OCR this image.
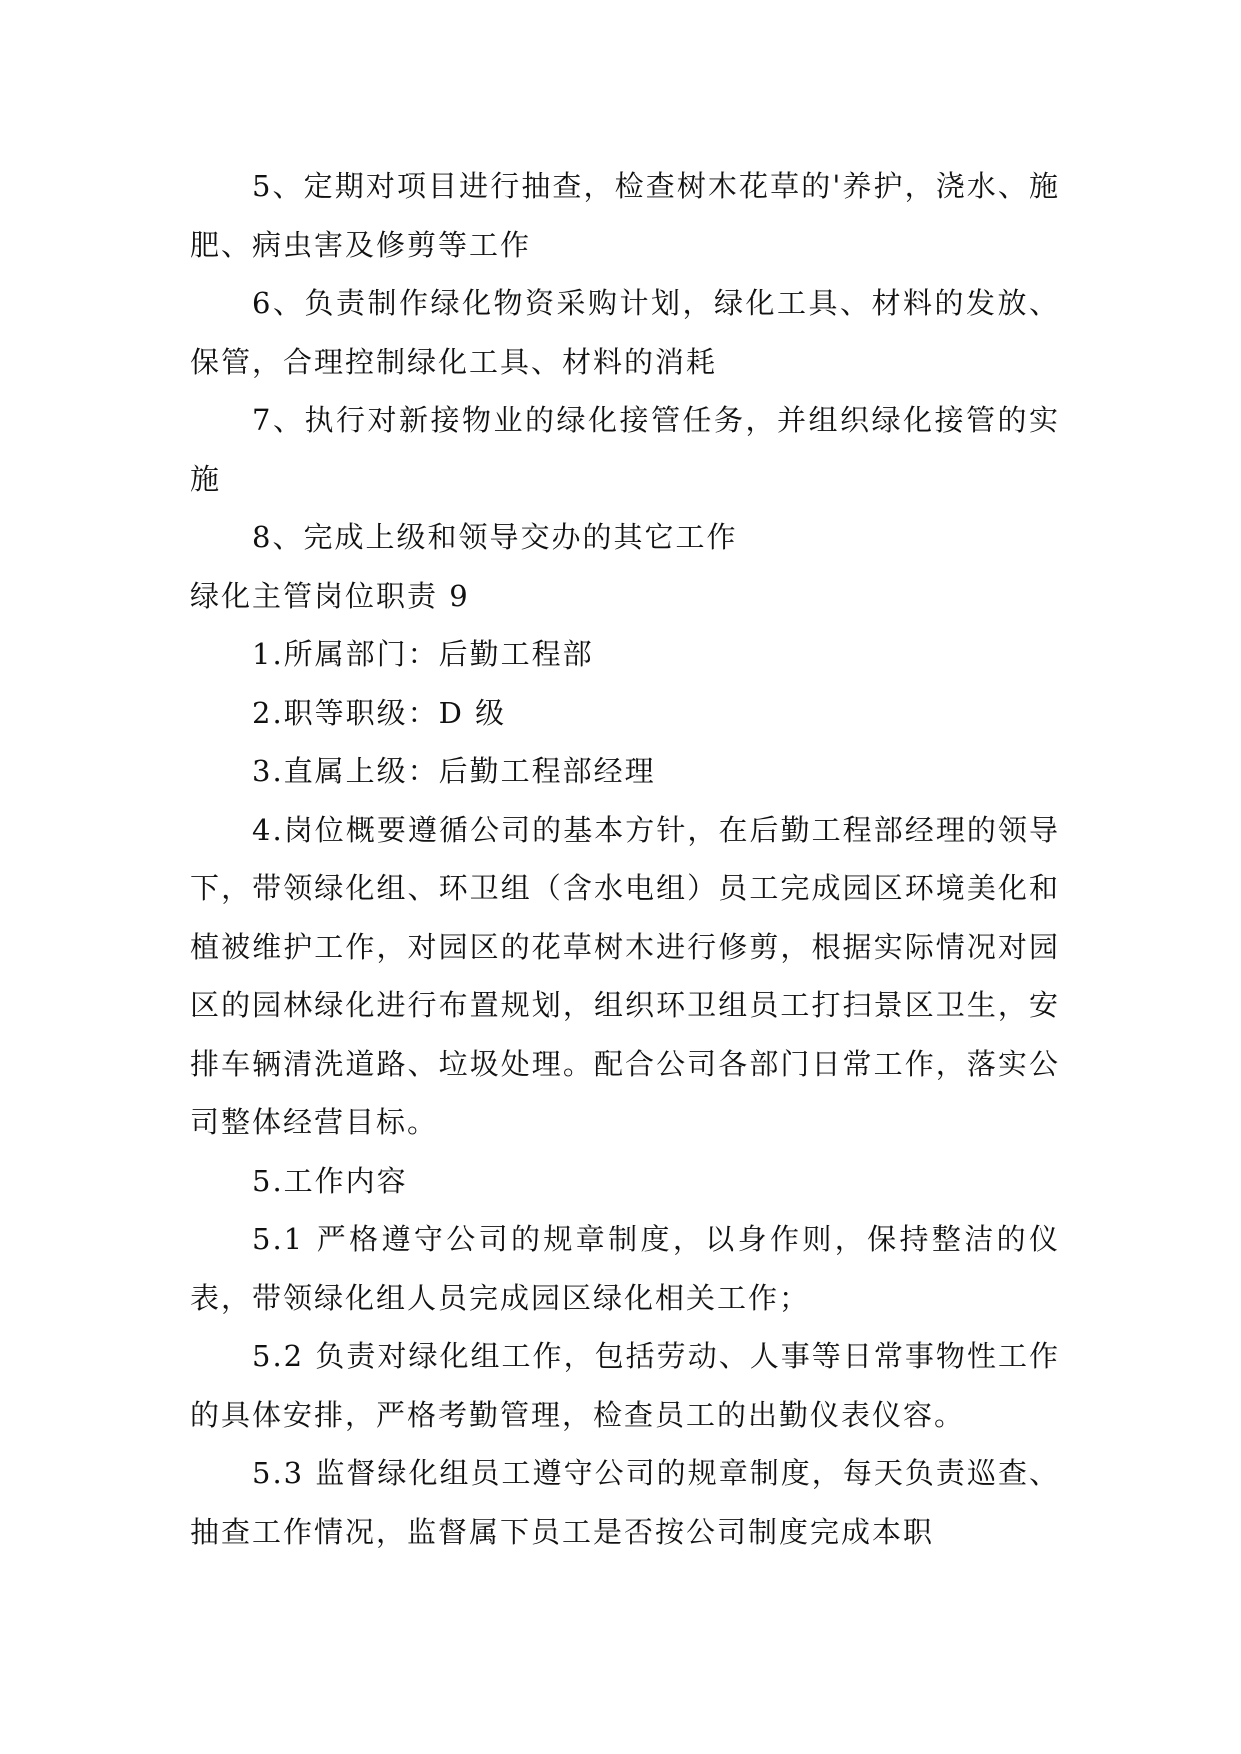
5、定期对项目进行抽查，检查树木花草的'养护，浇水、施肥、病虫害及修剪等工作

6、负责制作绿化物资采购计划，绿化工具、材料的发放、保管，合理控制绿化工具、材料的消耗

7、执行对新接物业的绿化接管任务，并组织绿化接管的实施

8、完成上级和领导交办的其它工作

绿化主管岗位职责 9

1.所属部门：后勤工程部

2.职等职级：D 级

3.直属上级：后勤工程部经理

4.岗位概要遵循公司的基本方针，在后勤工程部经理的领导下，带领绿化组、环卫组（含水电组）员工完成园区环境美化和植被维护工作，对园区的花草树木进行修剪，根据实际情况对园区的园林绿化进行布置规划，组织环卫组员工打扫景区卫生，安排车辆清洗道路、垃圾处理。配合公司各部门日常工作，落实公司整体经营目标。

5.工作内容

5.1 严格遵守公司的规章制度，以身作则，保持整洁的仪表，带领绿化组人员完成园区绿化相关工作；

5.2 负责对绿化组工作，包括劳动、人事等日常事物性工作的具体安排，严格考勤管理，检查员工的出勤仪表仪容。

5.3 监督绿化组员工遵守公司的规章制度，每天负责巡查、抽查工作情况，监督属下员工是否按公司制度完成本职
